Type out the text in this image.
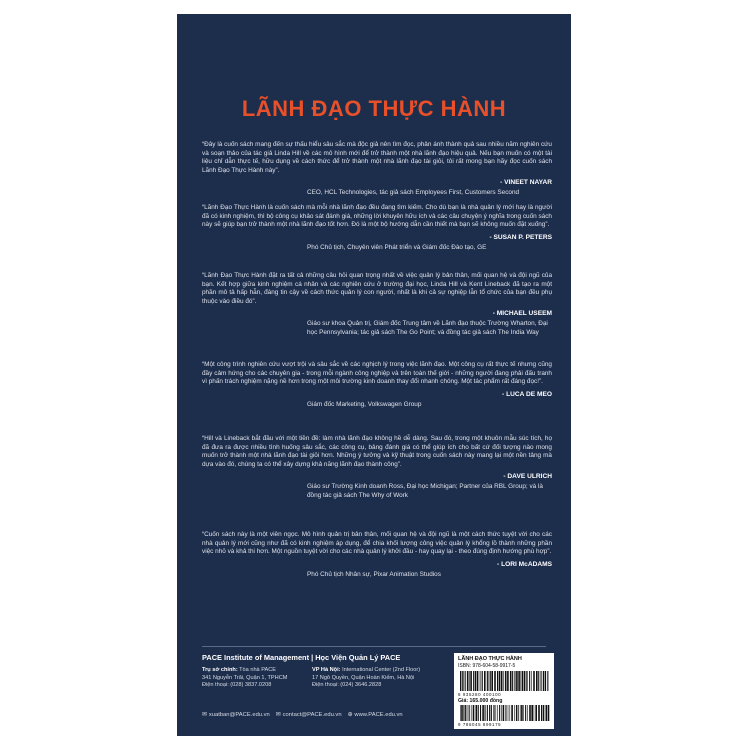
LÃNH ĐẠO THỰC HÀNH
“Đây là cuốn sách mang đến sự thấu hiểu sâu sắc mà độc giả nên tìm đọc, phản ánh thành quả sau nhiều năm nghiên cứu và soạn thảo của tác giả Linda Hill về các mô hình mới để trở thành một nhà lãnh đạo hiệu quả. Nếu bạn muốn có một tài liệu chỉ dẫn thực tế, hữu dụng về cách thức để trở thành một nhà lãnh đạo tài giỏi, tôi rất mong bạn hãy đọc cuốn sách Lãnh Đạo Thực Hành này”.
- VINEET NAYAR
CEO, HCL Technologies, tác giả sách Employees First, Customers Second
“Lãnh Đạo Thực Hành là cuốn sách mà mỗi nhà lãnh đạo đều đang tìm kiếm. Cho dù bạn là nhà quản lý mới hay là người đã có kinh nghiệm, thì bộ công cụ khảo sát đánh giá, những lời khuyên hữu ích và các câu chuyện ý nghĩa trong cuốn sách này sẽ giúp bạn trở thành một nhà lãnh đạo tốt hơn. Đó là một bộ hướng dẫn cần thiết mà bạn sẽ không muốn đặt xuống”.
- SUSAN P. PETERS
Phó Chủ tịch, Chuyên viên Phát triển và Giám đốc Đào tạo, GE
“Lãnh Đạo Thực Hành đặt ra tất cả những câu hỏi quan trọng nhất về việc quản lý bản thân, mối quan hệ và đội ngũ của bạn. Kết hợp giữa kinh nghiệm cá nhân và các nghiên cứu ở trường đại học, Linda Hill và Kent Lineback đã tạo ra một phần mô tả hấp hẫn, đáng tin cậy về cách thức quản lý con người, nhất là khi cả sự nghiệp lẫn tổ chức của bạn đều phụ thuộc vào điều đó”.
- MICHAEL USEEM
Giáo sư khoa Quản trị, Giám đốc Trung tâm về Lãnh đạo thuộc Trường Wharton, Đại học Pennsylvania; tác giả sách The Go Point; và đồng tác giả sách The India Way
“Một công trình nghiên cứu vượt trội và sâu sắc về các nghịch lý trong việc lãnh đạo. Một công cụ rất thực tế nhưng cũng đầy cảm hứng cho các chuyên gia - trong mỗi ngành công nghiệp và trên toàn thế giới - những người đang phải đấu tranh vì phấn trách nghiệm nặng nề hơn trong một môi trường kinh doanh thay đổi nhanh chóng. Một tác phẩm rất đáng đọc!”.
- LUCA DE MEO
Giám đốc Marketing, Volkswagen Group
“Hill và Lineback bắt đầu với một tiền đề: làm nhà lãnh đạo không hề dễ dàng. Sau đó, trong một khuôn mẫu súc tích, họ đã đưa ra được nhiều tình huống sâu sắc, các công cụ, bảng đánh giá có thể giúp ích cho bất cứ đối tượng nào mong muốn trở thành một nhà lãnh đạo tài giỏi hơn. Những ý tưởng và kỹ thuật trong cuốn sách này mang lại một nền tảng mà dựa vào đó, chúng ta có thể xây dựng khả năng lãnh đạo thành công”.
- DAVE ULRICH
Giáo sư Trường Kinh doanh Ross, Đại học Michigan; Partner của RBL Group; và là đồng tác giả sách The Why of Work
“Cuốn sách này là một viên ngọc. Mô hình quản trị bản thân, mối quan hệ và đội ngũ là một cách thức tuyệt vời cho các nhà quản lý mới cũng như đã có kinh nghiệm áp dụng, để chia khối lượng công việc quản lý khổng lồ thành những phần việc nhỏ và khả thi hơn. Một nguồn tuyệt vời cho các nhà quản lý khởi đầu - hay quay lại - theo đúng định hướng phù hợp”.
- LORI McADAMS
Phó Chủ tịch Nhân sự, Pixar Animation Studios
PACE Institute of Management | Học Viện Quản Lý PACE
Trụ sở chính: Tòa nhà PACE
341 Nguyễn Trãi, Quận 1, TPHCM
Điện thoại: (028) 3837.0208
VP Hà Nội: International Center (2nd Floor)
17 Ngô Quyền, Quận Hoàn Kiếm, Hà Nội
Điện thoại: (024) 3646.2828
✉ xuatban@PACE.edu.vn ✉ contact@PACE.edu.vn ⊕ www.PACE.edu.vn
LÃNH ĐẠO THỰC HÀNH
ISBN: 978-604-58-9917-5
8 935280 400100
Giá: 165.000 đồng
9 786045 899175
